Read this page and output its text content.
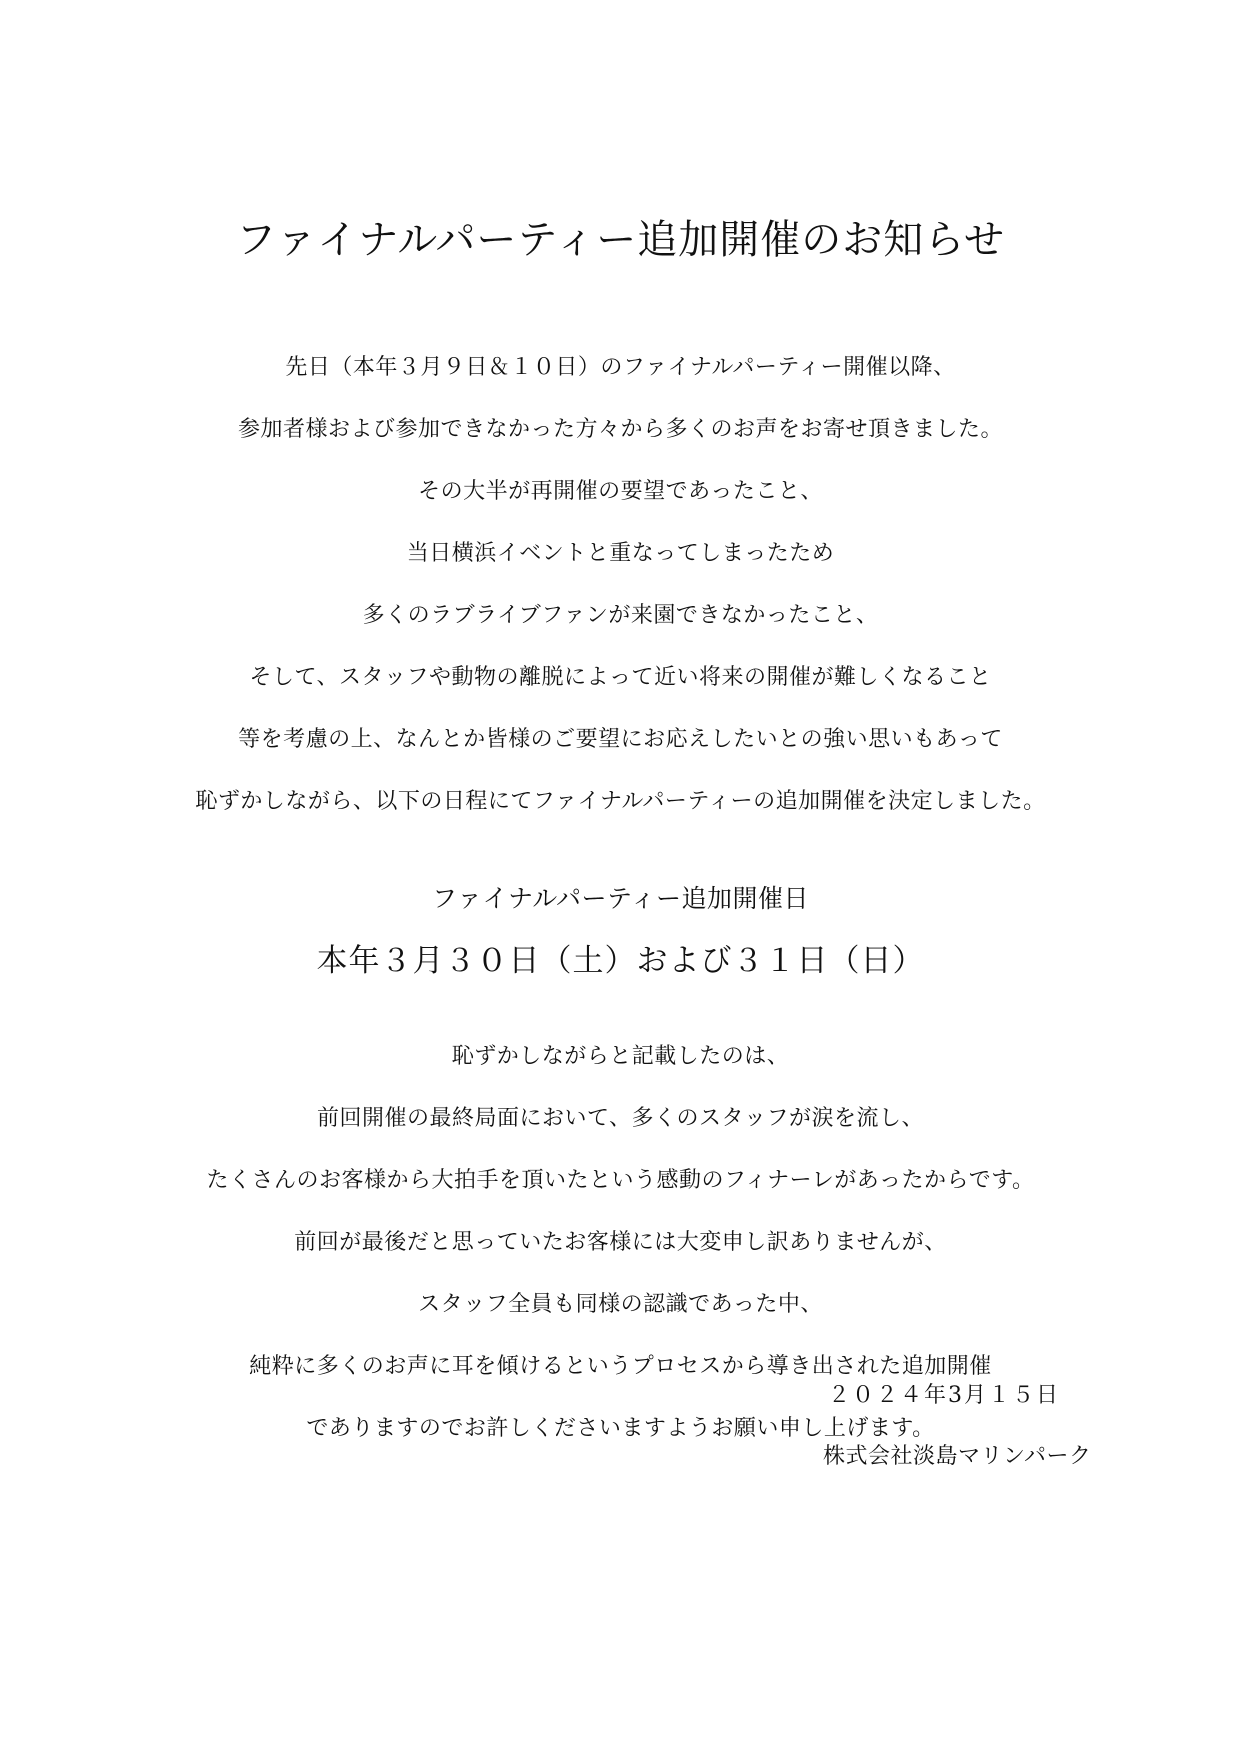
ファイナルパーティー追加開催のお知らせ
先日（本年３月９日＆１０日）のファイナルパーティー開催以降、
参加者様および参加できなかった方々から多くのお声をお寄せ頂きました。
その大半が再開催の要望であったこと、
当日横浜イベントと重なってしまったため
多くのラブライブファンが来園できなかったこと、
そして、スタッフや動物の離脱によって近い将来の開催が難しくなること
等を考慮の上、なんとか皆様のご要望にお応えしたいとの強い思いもあって
恥ずかしながら、以下の日程にてファイナルパーティーの追加開催を決定しました。
ファイナルパーティー追加開催日
本年３月３０日（土）および３１日（日）
恥ずかしながらと記載したのは、
前回開催の最終局面において、多くのスタッフが涙を流し、
たくさんのお客様から大拍手を頂いたという感動のフィナーレがあったからです。
前回が最後だと思っていたお客様には大変申し訳ありませんが、
スタッフ全員も同様の認識であった中、
純粋に多くのお声に耳を傾けるというプロセスから導き出された追加開催
でありますのでお許しくださいますようお願い申し上げます。
２０２４年3月１５日
株式会社淡島マリンパーク
